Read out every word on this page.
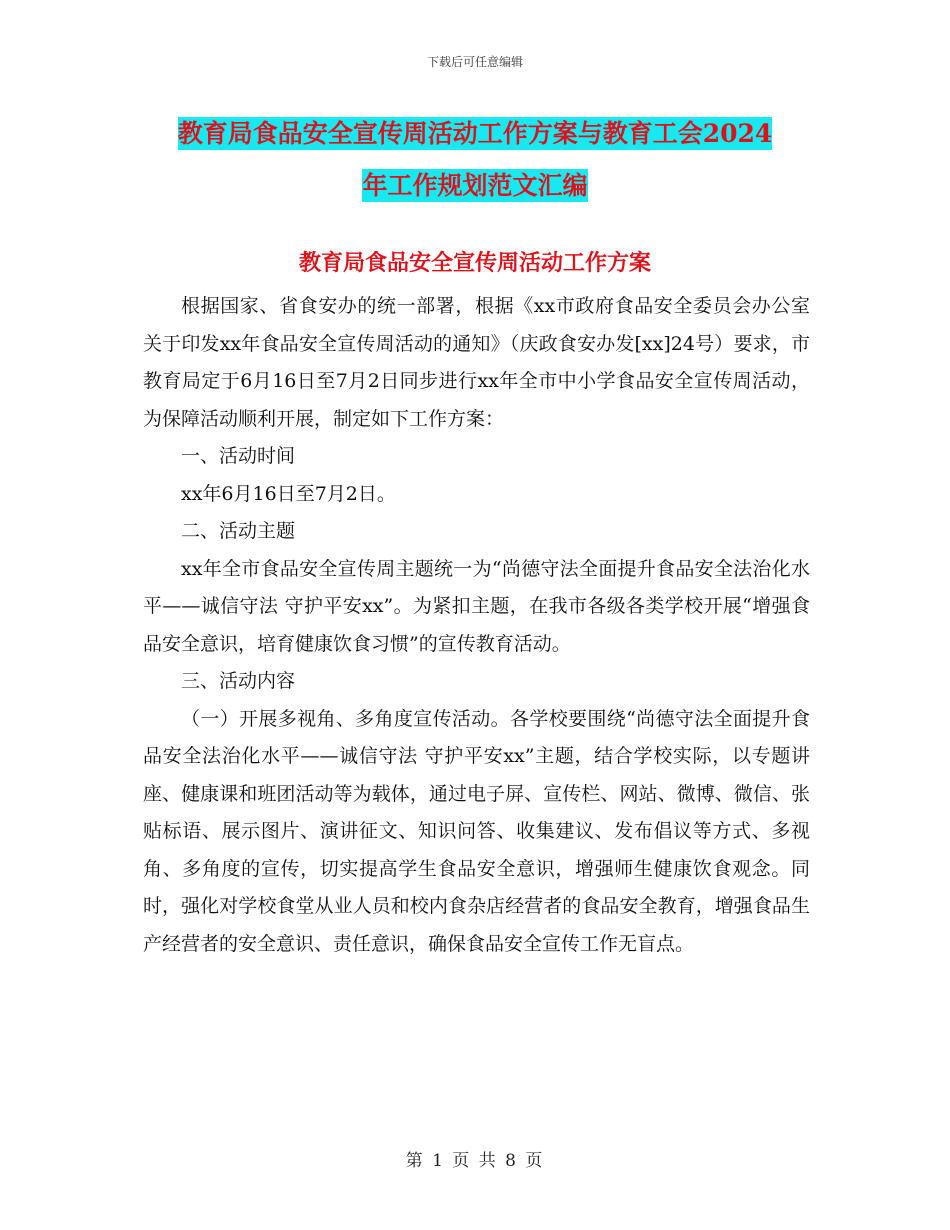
下载后可任意编辑
教育局食品安全宣传周活动工作方案与教育工会2024
年工作规划范文汇编
教育局食品安全宣传周活动工作方案

根据国家、省食安办的统一部署，根据《xx市政府食品安全委员会办公室关于印发xx年食品安全宣传周活动的通知》（庆政食安办发[xx]24号）要求，市教育局定于6月16日至7月2日同步进行xx年全市中小学食品安全宣传周活动，为保障活动顺利开展，制定如下工作方案：

一、活动时间

xx年6月16日至7月2日。

二、活动主题

xx年全市食品安全宣传周主题统一为“尚德守法全面提升食品安全法治化水平——诚信守法 守护平安xx”。为紧扣主题，在我市各级各类学校开展“增强食品安全意识，培育健康饮食习惯”的宣传教育活动。

三、活动内容

（一）开展多视角、多角度宣传活动。各学校要围绕“尚德守法全面提升食品安全法治化水平——诚信守法 守护平安xx”主题，结合学校实际，以专题讲座、健康课和班团活动等为载体，通过电子屏、宣传栏、网站、微博、微信、张贴标语、展示图片、演讲征文、知识问答、收集建议、发布倡议等方式、多视角、多角度的宣传，切实提高学生食品安全意识，增强师生健康饮食观念。同时，强化对学校食堂从业人员和校内食杂店经营者的食品安全教育，增强食品生产经营者的安全意识、责任意识，确保食品安全宣传工作无盲点。

第 1 页 共 8 页
